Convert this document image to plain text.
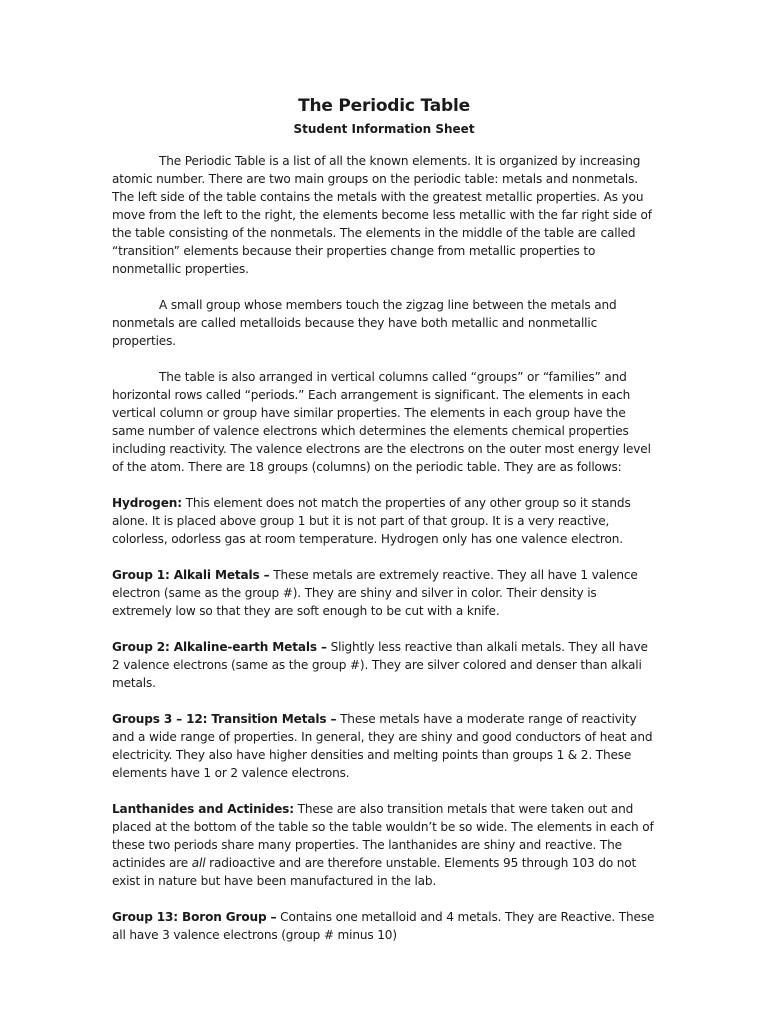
The Periodic Table
Student Information Sheet

The Periodic Table is a list of all the known elements. It is organized by increasing atomic number. There are two main groups on the periodic table: metals and nonmetals. The left side of the table contains the metals with the greatest metallic properties. As you move from the left to the right, the elements become less metallic with the far right side of the table consisting of the nonmetals. The elements in the middle of the table are called “transition” elements because their properties change from metallic properties to nonmetallic properties.

A small group whose members touch the zigzag line between the metals and nonmetals are called metalloids because they have both metallic and nonmetallic properties.

The table is also arranged in vertical columns called “groups” or “families” and horizontal rows called “periods.” Each arrangement is significant. The elements in each vertical column or group have similar properties. The elements in each group have the same number of valence electrons which determines the elements chemical properties including reactivity. The valence electrons are the electrons on the outer most energy level of the atom. There are 18 groups (columns) on the periodic table. They are as follows:

Hydrogen: This element does not match the properties of any other group so it stands alone. It is placed above group 1 but it is not part of that group. It is a very reactive, colorless, odorless gas at room temperature. Hydrogen only has one valence electron.

Group 1: Alkali Metals – These metals are extremely reactive. They all have 1 valence electron (same as the group #). They are shiny and silver in color. Their density is extremely low so that they are soft enough to be cut with a knife.

Group 2: Alkaline-earth Metals – Slightly less reactive than alkali metals. They all have 2 valence electrons (same as the group #). They are silver colored and denser than alkali metals.

Groups 3 – 12: Transition Metals – These metals have a moderate range of reactivity and a wide range of properties. In general, they are shiny and good conductors of heat and electricity. They also have higher densities and melting points than groups 1 & 2. These elements have 1 or 2 valence electrons.

Lanthanides and Actinides: These are also transition metals that were taken out and placed at the bottom of the table so the table wouldn’t be so wide. The elements in each of these two periods share many properties. The lanthanides are shiny and reactive. The actinides are all radioactive and are therefore unstable. Elements 95 through 103 do not exist in nature but have been manufactured in the lab.

Group 13: Boron Group – Contains one metalloid and 4 metals. They are Reactive. These all have 3 valence electrons (group # minus 10)
